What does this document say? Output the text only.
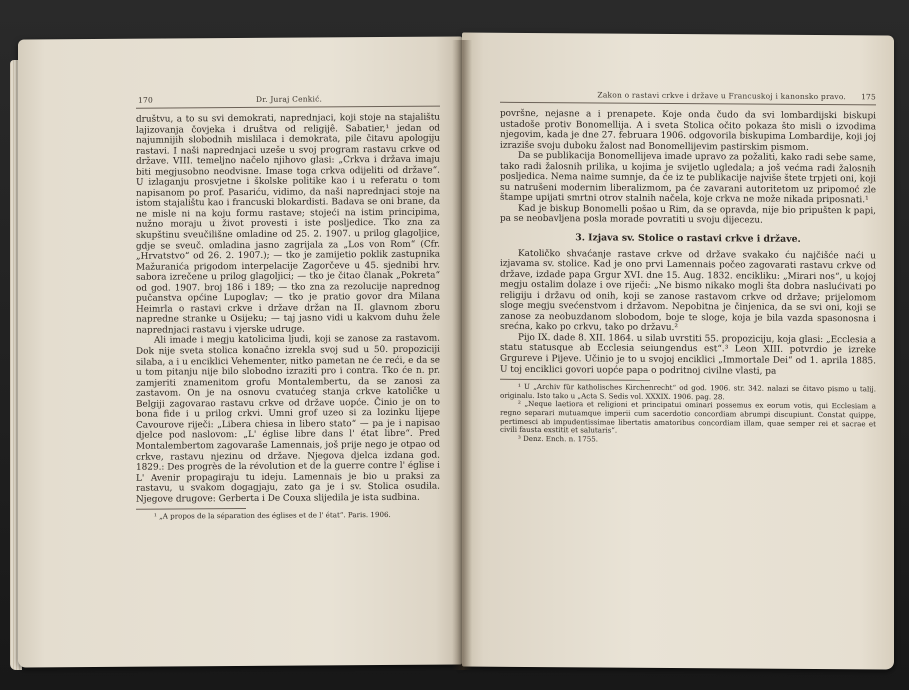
170	Dr. Juraj Cenkić.

društvu, a to su svi demokrati, naprednjaci, koji stoje na stajalištu lajizovanja čovjeka i društva od religijê. Sabatier,¹ jedan od najumnijih slobodnih mislilaca i demokrata, pile čitavu apologiju rastavi. I naši naprednjaci uzeše u svoj program rastavu crkve od države. VIII. temeljno načelo njihovo glasi: „Crkva i država imaju biti megjusobno neodvisne. Imase toga crkva odijeliti od države“. U izlaganju prosvjetne i školske politike kao i u referatu o tom napisanom po prof. Pasariću, vidimo, da naši naprednjaci stoje na istom stajalištu kao i francuski blokardisti. Badava se oni brane, da ne misle ni na koju formu rastave; stojeći na istim principima, nužno moraju u život provesti i iste posljedice. Tko zna za skupštinu sveučilišne omladine od 25. 2. 1907. u prilog glagoljice, gdje se sveuč. omladina jasno zagrijala za „Los von Rom“ (Cfr. „Hrvatstvo“ od 26. 2. 1907.); — tko je zamijetio poklik zastupnika Mažuranića prigodom interpelacije Zagorčeve u 45. sjednibi hrv. sabora izrečene u prilog glagoljici; — tko je čitao članak „Pokreta“ od god. 1907. broj 186 i 189; — tko zna za rezolucije naprednog pučanstva općine Lupoglav; — tko je pratio govor dra Milana Heimrla o rastavi crkve i države držan na II. glavnom zboru napredne stranke u Osijeku; — taj jasno vidi u kakvom duhu žele naprednjaci rastavu i vjerske udruge.

Ali imade i megju katolicima ljudi, koji se zanose za rastavom. Dok nije sveta stolica konačno izrekla svoj sud u 50. propoziciji silaba, a i u enciklici Vehementer, nitko pametan ne će reći, e da se u tom pitanju nije bilo slobodno izraziti pro i contra. Tko će n. pr. zamjeriti znamenitom grofu Montalembertu, da se zanosi za zastavom. On je na osnovu cvatućeg stanja crkve katoličke u Belgiji zagovarao rastavu crkve od države uopće. Činio je on to bona fide i u prilog crkvi. Umni grof uzeo si za lozinku lijepe Cavourove riječi: „Libera chiesa in libero stato“ — pa je i napisao djelce pod naslovom: „L' église libre dans l' état libre“. Pred Montalembertom zagovaraše Lamennais, još prije nego je otpao od crkve, rastavu njezinu od države. Njegova djelca izdana god. 1829.: Des progrès de la révolution et de la guerre contre l' église i L' Avenir propagiraju tu ideju. Lamennais je bio u praksi za rastavu, u svakom dogagjaju, zato ga je i sv. Stolica osudila. Njegove drugove: Gerberta i De Couxa slijedila je ista sudbina.

¹ „A propos de la séparation des églises et de l' état“. Paris. 1906.

Zakon o rastavi crkve i države u Francuskoj i kanonsko pravo. 175

površne, nejasne a i prenapete. Koje onda čudo da svi lombardijski biskupi ustadoše protiv Bonomellija. A i sveta Stolica očito pokaza što misli o izvodima njegovim, kada je dne 27. februara 1906. odgovorila biskupima Lombardije, koji joj izraziše svoju duboku žalost nad Bonomellijevim pastirskim pismom.

Da se publikacija Bonomellijeva imade upravo za požaliti, kako radi sebe same, tako radi žalosnih prilika, u kojima je svijetlo ugledala; a još većma radi žalosnih posljedica. Nema naime sumnje, da će iz te publikacije najviše štete trpjeti oni, koji su natrušeni modernim liberalizmom, pa će zavarani autoritetom uz pripomoć zle štampe upijati smrtni otrov stalnih načela, koje crkva ne može nikada priposnati.¹

Kad je biskup Bonomelli pošao u Rim, da se opravda, nije bio pripušten k papi, pa se neobavljena posla morade povratiti u svoju dijecezu.

3. Izjava sv. Stolice o rastavi crkve i države.

Katoličko shvaćanje rastave crkve od države svakako ću najčišće naći u izjavama sv. stolice. Kad je ono prvi Lamennais počeo zagovarati rastavu crkve od države, izdade papa Grgur XVI. dne 15. Aug. 1832. encikliku: „Mirari nos“, u kojoj megju ostalim dolaze i ove riječi: „Ne bismo nikako mogli šta dobra naslućivati po religiju i državu od onih, koji se zanose rastavom crkve od države; prijelomom sloge megju svećenstvom i državom. Nepobitna je činjenica, da se svi oni, koji se zanose za neobuzdanom slobodom, boje te sloge, koja je bila vazda spasonosna i srećna, kako po crkvu, tako po državu.²

Pijo IX. dade 8. XII. 1864. u silab uvrstiti 55. propoziciju, koja glasi: „Ecclesia a statu statusque ab Ecclesia seiungendus est“.³ Leon XIII. potvrdio je izreke Grgureve i Pijeve. Učinio je to u svojoj enciklici „Immortale Dei“ od 1. aprila 1885. U toj enciklici govori uopće papa o podritnoj civilne vlasti, pa

¹ U „Archiv für katholisches Kirchenrecht“ od god. 1906. str. 342. nalazi se čitavo pismo u talij. originalu. Isto tako u „Acta S. Sedis vol. XXXIX. 1906. pag. 28.

² „Neque laetiora et religioni et principatui ominari possemus ex eorum votis, qui Ecclesiam a regno separari mutuamque imperii cum sacerdotio concordiam abrumpi discupiunt. Constat quippe, pertimesci ab impudentissimae libertatis amatoribus concordiam illam, quae semper rei et sacrae et civili fausta exstitit et salutaris“.

³ Denz. Ench. n. 1755.
